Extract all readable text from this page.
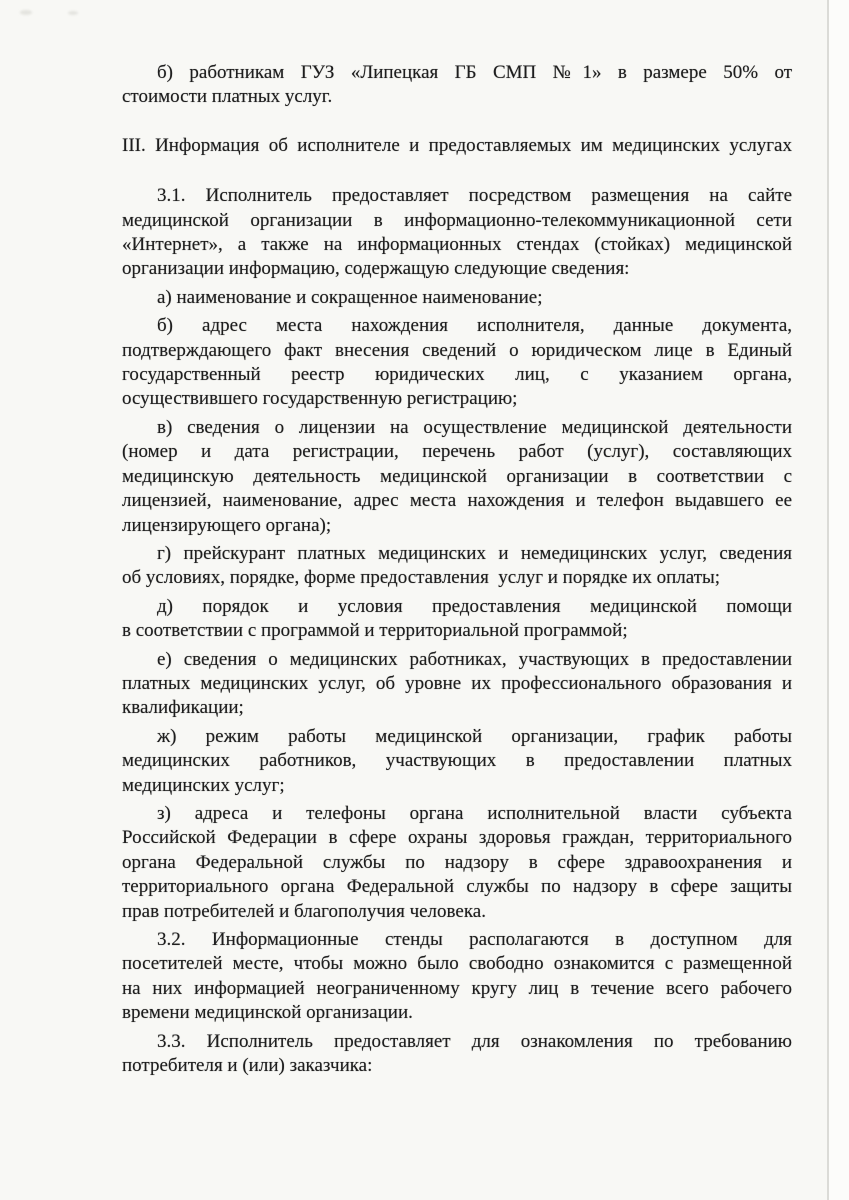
б) работникам ГУЗ «Липецкая ГБ СМП №1» в размере 50% от
стоимости платных услуг.
III. Информация об исполнителе и предоставляемых им медицинских услугах
3.1. Исполнитель предоставляет посредством размещения на сайте
медицинской организации в информационно-телекоммуникационной сети
«Интернет», а также на информационных стендах (стойках) медицинской
организации информацию, содержащую следующие сведения:
а) наименование и сокращенное наименование;
б) адрес места нахождения исполнителя, данные документа,
подтверждающего факт внесения сведений о юридическом лице в Единый
государственный реестр юридических лиц, с указанием органа,
осуществившего государственную регистрацию;
в) сведения о лицензии на осуществление медицинской деятельности
(номер и дата регистрации, перечень работ (услуг), составляющих
медицинскую деятельность медицинской организации в соответствии с
лицензией, наименование, адрес места нахождения и телефон выдавшего ее
лицензирующего органа);
г) прейскурант платных медицинских и немедицинских услуг, сведения
об условиях, порядке, форме предоставления  услуг и порядке их оплаты;
д) порядок и условия предоставления медицинской помощи
в соответствии с программой и территориальной программой;
е) сведения о медицинских работниках, участвующих в предоставлении
платных медицинских услуг, об уровне их профессионального образования и
квалификации;
ж) режим работы медицинской организации, график работы
медицинских работников, участвующих в предоставлении платных
медицинских услуг;
з) адреса и телефоны органа исполнительной власти субъекта
Российской Федерации в сфере охраны здоровья граждан, территориального
органа Федеральной службы по надзору в сфере здравоохранения и
территориального органа Федеральной службы по надзору в сфере защиты
прав потребителей и благополучия человека.
3.2. Информационные стенды располагаются в доступном для
посетителей месте, чтобы можно было свободно ознакомится с размещенной
на них информацией неограниченному кругу лиц в течение всего рабочего
времени медицинской организации.
3.3. Исполнитель предоставляет для ознакомления по требованию
потребителя и (или) заказчика:
